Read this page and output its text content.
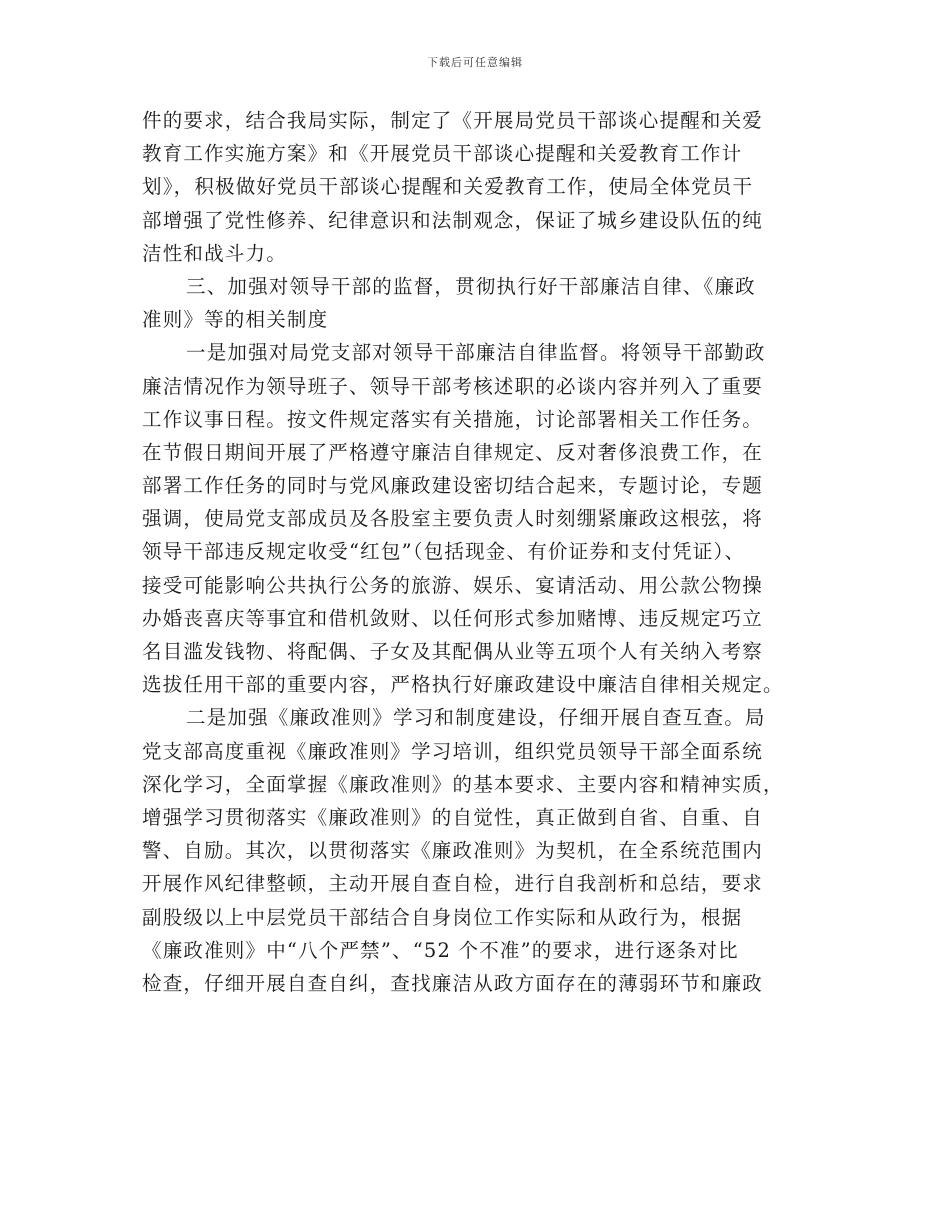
下载后可任意编辑
件的要求，结合我局实际，制定了《开展局党员干部谈心提醒和关爱
教育工作实施方案》和《开展党员干部谈心提醒和关爱教育工作计
划》，积极做好党员干部谈心提醒和关爱教育工作，使局全体党员干
部增强了党性修养、纪律意识和法制观念，保证了城乡建设队伍的纯
洁性和战斗力。
三、加强对领导干部的监督，贯彻执行好干部廉洁自律、《廉政
准则》等的相关制度
一是加强对局党支部对领导干部廉洁自律监督。将领导干部勤政
廉洁情况作为领导班子、领导干部考核述职的必谈内容并列入了重要
工作议事日程。按文件规定落实有关措施，讨论部署相关工作任务。
在节假日期间开展了严格遵守廉洁自律规定、反对奢侈浪费工作，在
部署工作任务的同时与党风廉政建设密切结合起来，专题讨论，专题
强调，使局党支部成员及各股室主要负责人时刻绷紧廉政这根弦，将
领导干部违反规定收受“红包”（包括现金、有价证券和支付凭证）、
接受可能影响公共执行公务的旅游、娱乐、宴请活动、用公款公物操
办婚丧喜庆等事宜和借机敛财、以任何形式参加赌博、违反规定巧立
名目滥发钱物、将配偶、子女及其配偶从业等五项个人有关纳入考察
选拔任用干部的重要内容，严格执行好廉政建设中廉洁自律相关规定。
二是加强《廉政准则》学习和制度建设，仔细开展自查互查。局
党支部高度重视《廉政准则》学习培训，组织党员领导干部全面系统
深化学习，全面掌握《廉政准则》的基本要求、主要内容和精神实质，
增强学习贯彻落实《廉政准则》的自觉性，真正做到自省、自重、自
警、自励。其次，以贯彻落实《廉政准则》为契机，在全系统范围内
开展作风纪律整顿，主动开展自查自检，进行自我剖析和总结，要求
副股级以上中层党员干部结合自身岗位工作实际和从政行为，根据
《廉政准则》中“八个严禁”、“52 个不准”的要求，进行逐条对比
检查，仔细开展自查自纠，查找廉洁从政方面存在的薄弱环节和廉政
